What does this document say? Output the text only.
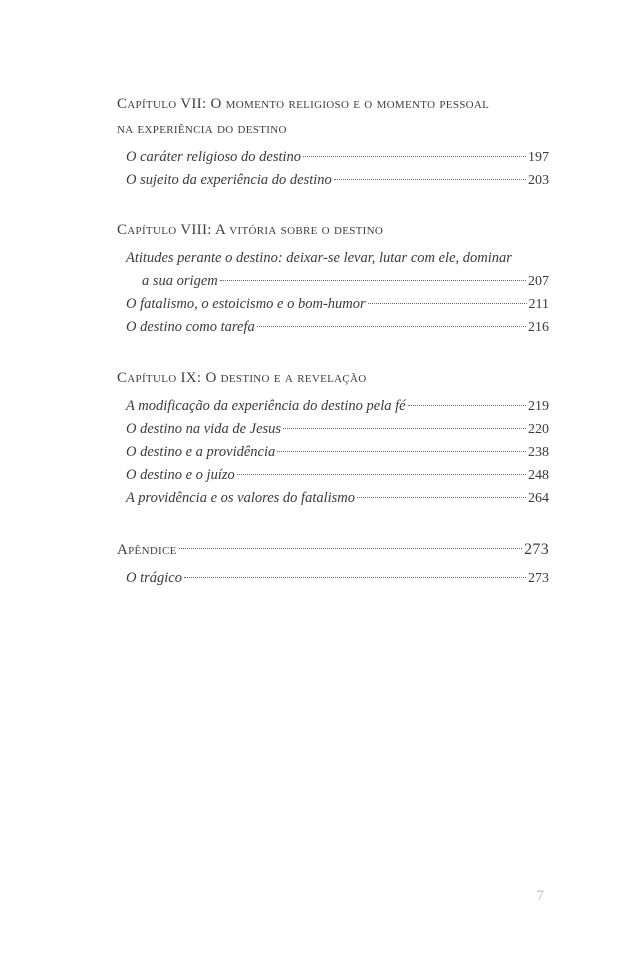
Capítulo VII: O momento religioso e o momento pessoal
na experiência do destino
O caráter religioso do destino	197
O sujeito da experiência do destino	203
Capítulo VIII: A vitória sobre o destino
Atitudes perante o destino: deixar-se levar, lutar com ele, dominar
a sua origem	207
O fatalismo, o estoicismo e o bom-humor	211
O destino como tarefa	216
Capítulo IX: O destino e a revelação
A modificação da experiência do destino pela fé	219
O destino na vida de Jesus	220
O destino e a providência	238
O destino e o juízo	248
A providência e os valores do fatalismo	264
Apêndice	273
O trágico	273
7
